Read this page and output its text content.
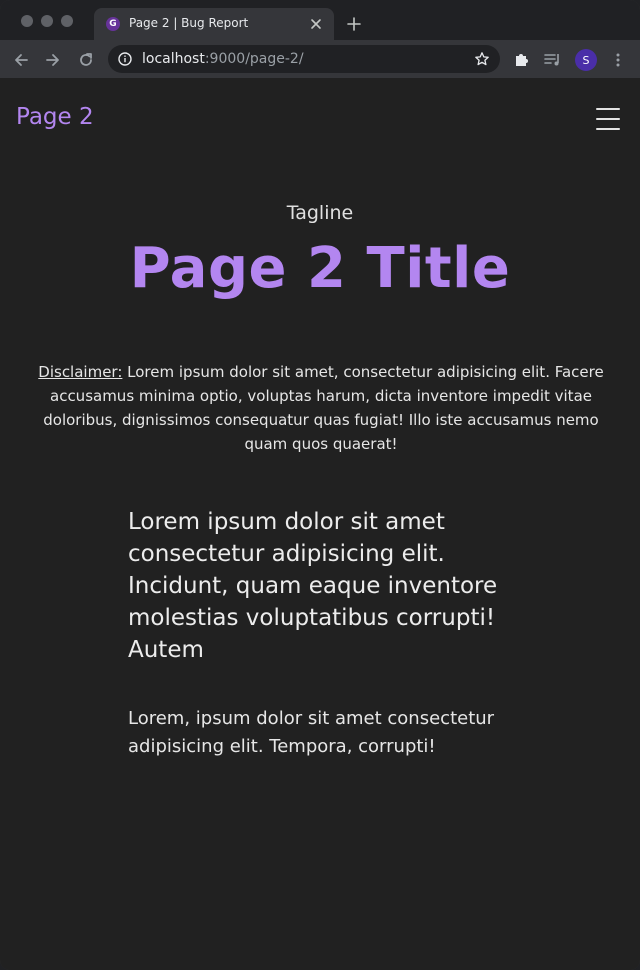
G Page 2 | Bug Report
localhost:9000/page-2/	S
Page 2
Tagline
Page 2 Title
Disclaimer: Lorem ipsum dolor sit amet, consectetur adipisicing elit. Facere accusamus minima optio, voluptas harum, dicta inventore impedit vitae doloribus, dignissimos consequatur quas fugiat! Illo iste accusamus nemo quam quos quaerat!
Lorem ipsum dolor sit amet consectetur adipisicing elit. Incidunt, quam eaque inventore molestias voluptatibus corrupti! Autem
Lorem, ipsum dolor sit amet consectetur adipisicing elit. Tempora, corrupti!
